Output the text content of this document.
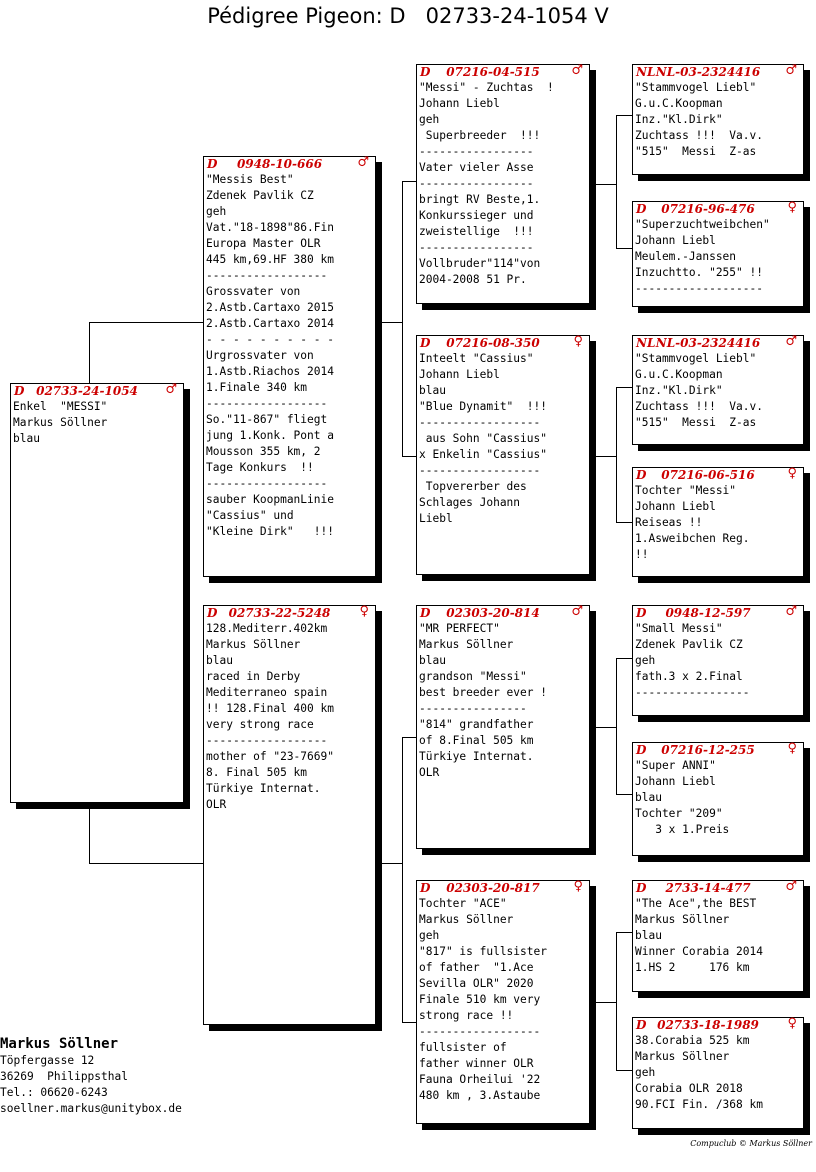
Pédigree Pigeon: D   02733-24-1054 V
D 02733-24-1054	♂
Enkel  "MESSI"
Markus Söllner
blau
D	0948-10-666	♂
"Messis Best"
Zdenek Pavlik CZ
geh
Vat."18-1898"86.Fin
Europa Master OLR
445 km,69.HF 380 km
------------------
Grossvater von
2.Astb.Cartaxo 2015
2.Astb.Cartaxo 2014
- - - - - - - - - -
Urgrossvater von
1.Astb.Riachos 2014
1.Finale 340 km
------------------
So."11-867" fliegt
jung 1.Konk. Pont a
Mousson 355 km, 2
Tage Konkurs  !!
------------------
sauber KoopmanLinie
"Cassius" und
"Kleine Dirk"   !!!
D 02733-22-5248	♀
128.Mediterr.402km
Markus Söllner
blau
raced in Derby
Mediterraneo spain
!! 128.Final 400 km
very strong race
------------------
mother of "23-7669"
8. Final 505 km
Türkiye Internat.
OLR
D	07216-04-515	♂
"Messi" - Zuchtas  !
Johann Liebl
geh
Superbreeder  !!!
-----------------
Vater vieler Asse
-----------------
bringt RV Beste,1.
Konkurssieger und
zweistellige  !!!
-----------------
Vollbruder"114"von
2004-2008 51 Pr.
D	07216-08-350	♀
Inteelt "Cassius"
Johann Liebl
blau
"Blue Dynamit"  !!!
------------------
aus Sohn "Cassius"
x Enkelin "Cassius"
------------------
Topvererber des
Schlages Johann
Liebl
D	02303-20-814	♂
"MR PERFECT"
Markus Söllner
blau
grandson "Messi"
best breeder ever !
----------------
"814" grandfather
of 8.Final 505 km
Türkiye Internat.
OLR
D	02303-20-817	♀
Tochter "ACE"
Markus Söllner
geh
"817" is fullsister
of father  "1.Ace
Sevilla OLR" 2020
Finale 510 km very
strong race !!
------------------
fullsister of
father winner OLR
Fauna Orheilui '22
480 km , 3.Astaube
NL NL-03-2324416	♂
"Stammvogel Liebl"
G.u.C.Koopman
Inz."Kl.Dirk"
Zuchtass !!!  Va.v.
"515"  Messi  Z-as
D	07216-96-476	♀
"Superzuchtweibchen"
Johann Liebl
Meulem.-Janssen
Inzuchtto. "255" !!
-------------------
NL NL-03-2324416	♂
"Stammvogel Liebl"
G.u.C.Koopman
Inz."Kl.Dirk"
Zuchtass !!!  Va.v.
"515"  Messi  Z-as
D	07216-06-516	♀
Tochter "Messi"
Johann Liebl
Reiseas !!
1.Asweibchen Reg.
!!
D	0948-12-597	♂
"Small Messi"
Zdenek Pavlik CZ
geh
fath.3 x 2.Final
-----------------
D	07216-12-255	♀
"Super ANNI"
Johann Liebl
blau
Tochter "209"
3 x 1.Preis
D	2733-14-477	♂
"The Ace",the BEST
Markus Söllner
blau
Winner Corabia 2014
1.HS 2     176 km
D 02733-18-1989	♀
38.Corabia 525 km
Markus Söllner
geh
Corabia OLR 2018
90.FCI Fin. /368 km
Markus Söllner
Töpfergasse 12
36269  Philippsthal
Tel.: 06620-6243
soellner.markus@unitybox.de
Compuclub © Markus Söllner
